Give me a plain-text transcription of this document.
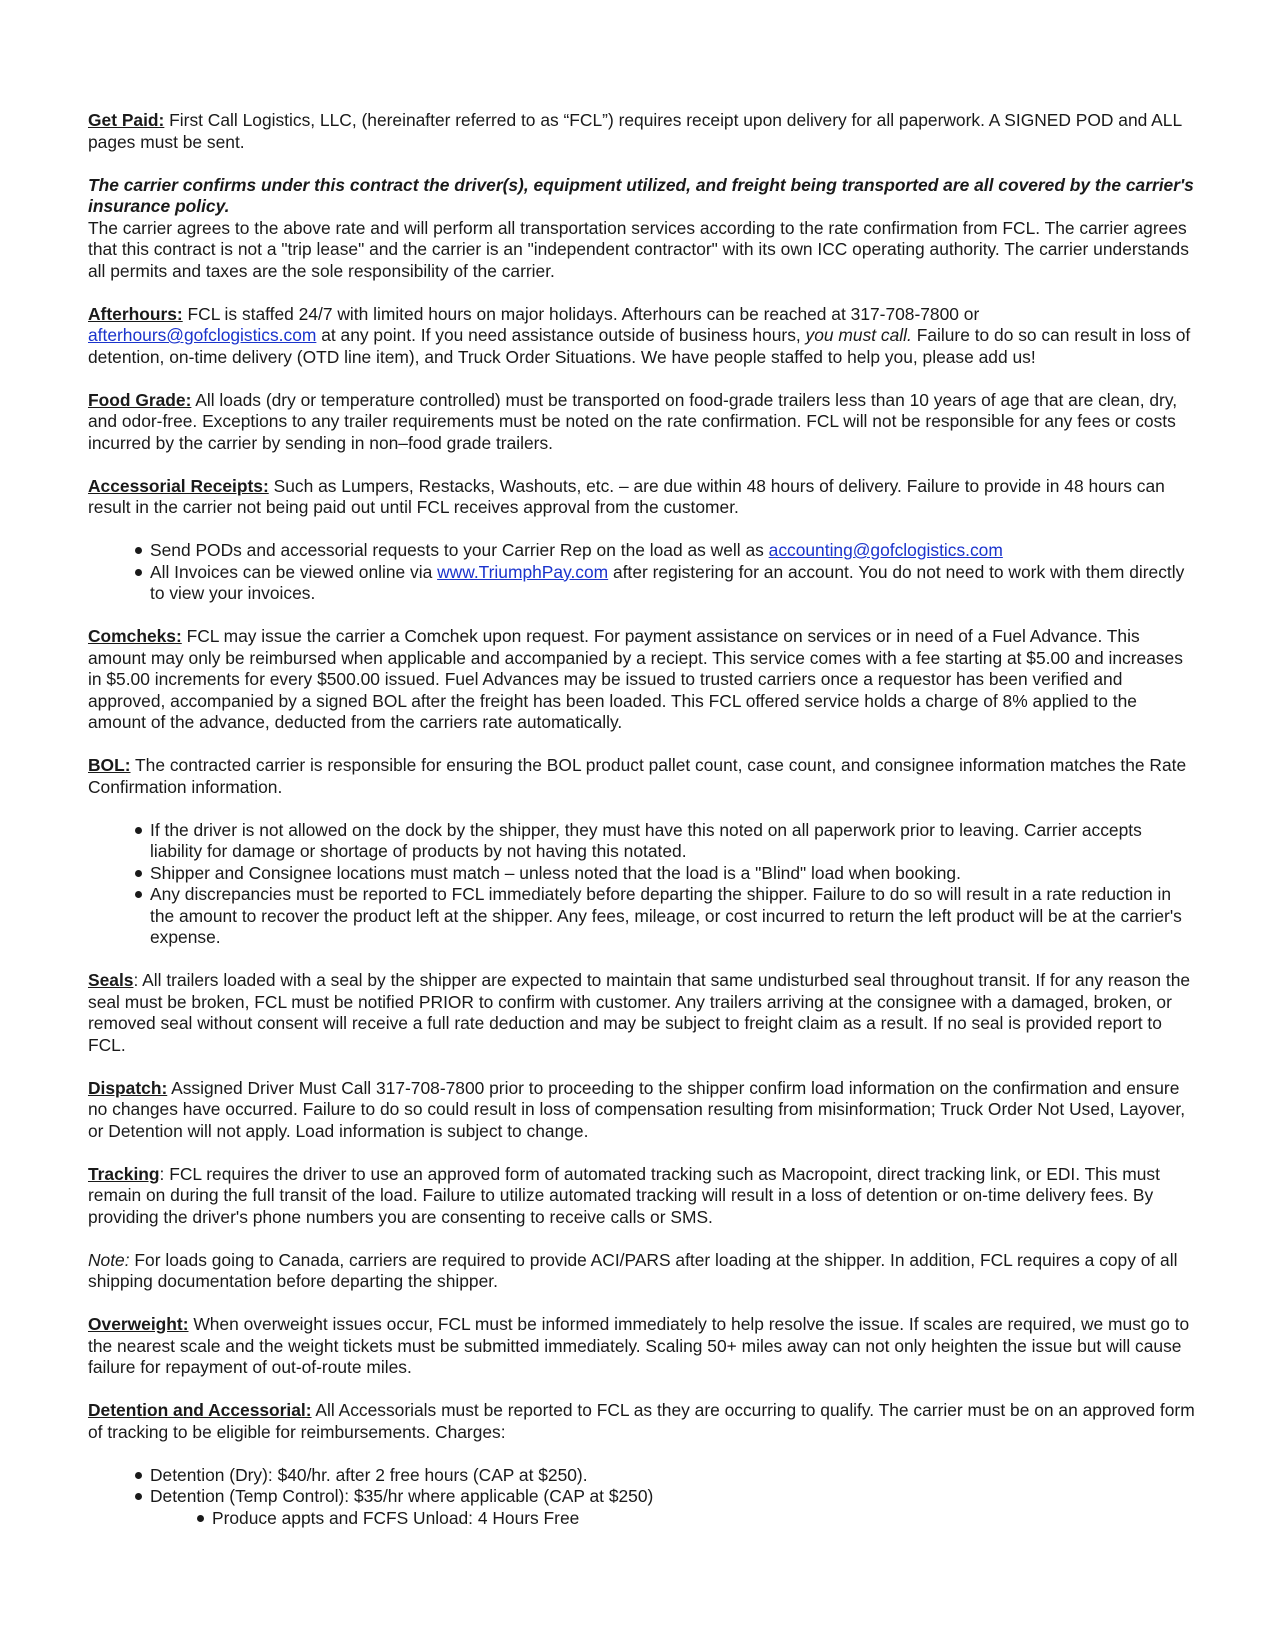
Get Paid: First Call Logistics, LLC, (hereinafter referred to as “FCL”) requires receipt upon delivery for all paperwork. A SIGNED POD and ALL pages must be sent.

The carrier confirms under this contract the driver(s), equipment utilized, and freight being transported are all covered by the carrier's insurance policy.

The carrier agrees to the above rate and will perform all transportation services according to the rate confirmation from FCL. The carrier agrees that this contract is not a "trip lease" and the carrier is an "independent contractor" with its own ICC operating authority. The carrier understands all permits and taxes are the sole responsibility of the carrier.

Afterhours: FCL is staffed 24/7 with limited hours on major holidays. Afterhours can be reached at 317-708-7800 or afterhours@gofclogistics.com at any point. If you need assistance outside of business hours, you must call. Failure to do so can result in loss of detention, on-time delivery (OTD line item), and Truck Order Situations. We have people staffed to help you, please add us!

Food Grade: All loads (dry or temperature controlled) must be transported on food-grade trailers less than 10 years of age that are clean, dry, and odor-free. Exceptions to any trailer requirements must be noted on the rate confirmation. FCL will not be responsible for any fees or costs incurred by the carrier by sending in non–food grade trailers.

Accessorial Receipts: Such as Lumpers, Restacks, Washouts, etc. – are due within 48 hours of delivery. Failure to provide in 48 hours can result in the carrier not being paid out until FCL receives approval from the customer.

Send PODs and accessorial requests to your Carrier Rep on the load as well as accounting@gofclogistics.com
All Invoices can be viewed online via www.TriumphPay.com after registering for an account. You do not need to work with them directly to view your invoices.

Comcheks: FCL may issue the carrier a Comchek upon request. For payment assistance on services or in need of a Fuel Advance. This amount may only be reimbursed when applicable and accompanied by a reciept. This service comes with a fee starting at $5.00 and increases in $5.00 increments for every $500.00 issued. Fuel Advances may be issued to trusted carriers once a requestor has been verified and approved, accompanied by a signed BOL after the freight has been loaded. This FCL offered service holds a charge of 8% applied to the amount of the advance, deducted from the carriers rate automatically.

BOL: The contracted carrier is responsible for ensuring the BOL product pallet count, case count, and consignee information matches the Rate Confirmation information.

If the driver is not allowed on the dock by the shipper, they must have this noted on all paperwork prior to leaving. Carrier accepts liability for damage or shortage of products by not having this notated.
Shipper and Consignee locations must match – unless noted that the load is a "Blind" load when booking.
Any discrepancies must be reported to FCL immediately before departing the shipper. Failure to do so will result in a rate reduction in the amount to recover the product left at the shipper. Any fees, mileage, or cost incurred to return the left product will be at the carrier's expense.

Seals: All trailers loaded with a seal by the shipper are expected to maintain that same undisturbed seal throughout transit. If for any reason the seal must be broken, FCL must be notified PRIOR to confirm with customer. Any trailers arriving at the consignee with a damaged, broken, or removed seal without consent will receive a full rate deduction and may be subject to freight claim as a result. If no seal is provided report to FCL.

Dispatch: Assigned Driver Must Call 317-708-7800 prior to proceeding to the shipper confirm load information on the confirmation and ensure no changes have occurred. Failure to do so could result in loss of compensation resulting from misinformation; Truck Order Not Used, Layover, or Detention will not apply. Load information is subject to change.

Tracking: FCL requires the driver to use an approved form of automated tracking such as Macropoint, direct tracking link, or EDI. This must remain on during the full transit of the load. Failure to utilize automated tracking will result in a loss of detention or on-time delivery fees. By providing the driver's phone numbers you are consenting to receive calls or SMS.

Note: For loads going to Canada, carriers are required to provide ACI/PARS after loading at the shipper. In addition, FCL requires a copy of all shipping documentation before departing the shipper.

Overweight: When overweight issues occur, FCL must be informed immediately to help resolve the issue. If scales are required, we must go to the nearest scale and the weight tickets must be submitted immediately. Scaling 50+ miles away can not only heighten the issue but will cause failure for repayment of out-of-route miles.

Detention and Accessorial: All Accessorials must be reported to FCL as they are occurring to qualify. The carrier must be on an approved form of tracking to be eligible for reimbursements. Charges:

Detention (Dry): $40/hr. after 2 free hours (CAP at $250).
Detention (Temp Control): $35/hr where applicable (CAP at $250)
Produce appts and FCFS Unload: 4 Hours Free
